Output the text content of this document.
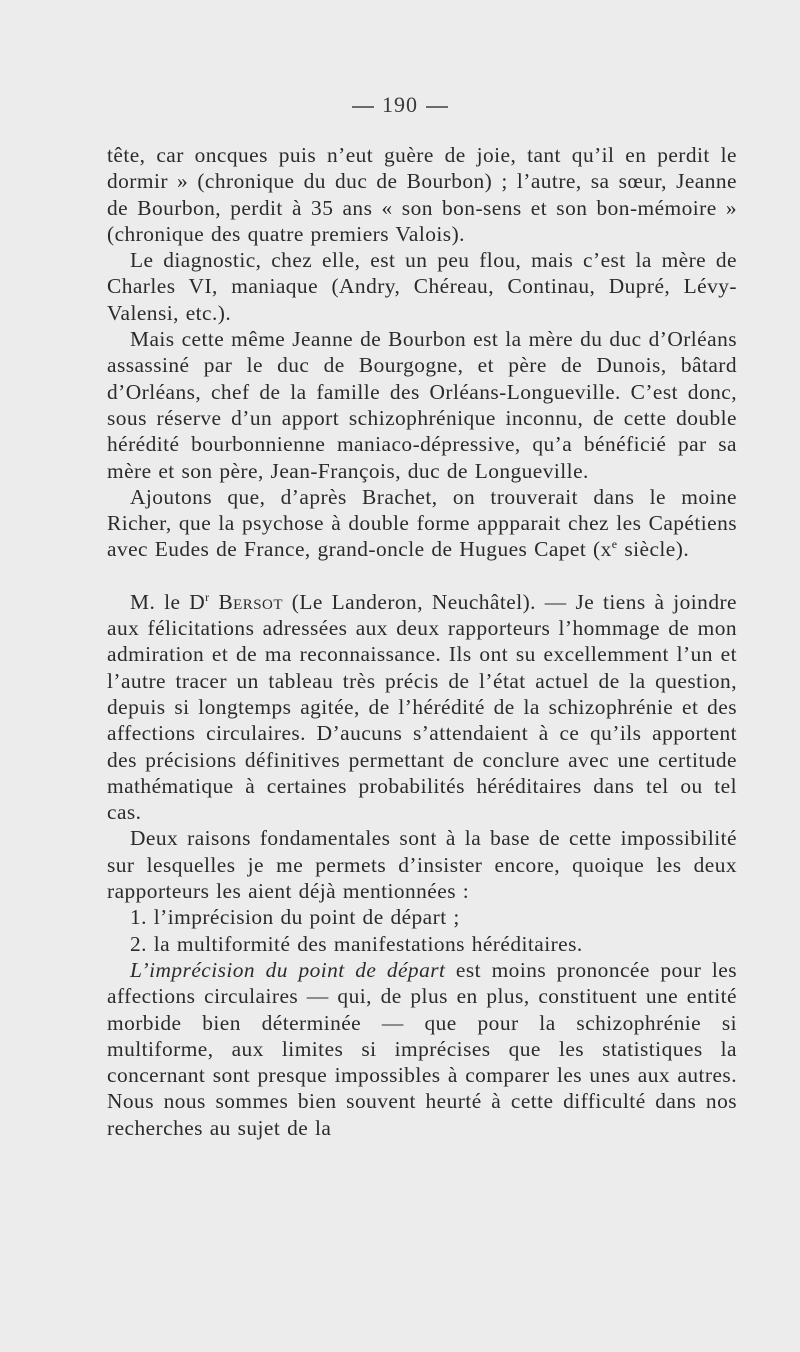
190

tête, car oncques puis n’eut guère de joie, tant qu’il en perdit le dormir » (chronique du duc de Bourbon) ; l’autre, sa sœur, Jeanne de Bourbon, perdit à 35 ans « son bon-sens et son bon-mémoire » (chronique des quatre premiers Valois).

Le diagnostic, chez elle, est un peu flou, mais c’est la mère de Charles VI, maniaque (Andry, Chéreau, Continau, Dupré, Lévy-Valensi, etc.).

Mais cette même Jeanne de Bourbon est la mère du duc d’Orléans assassiné par le duc de Bourgogne, et père de Dunois, bâtard d’Orléans, chef de la famille des Orléans-Longueville. C’est donc, sous réserve d’un apport schizophrénique inconnu, de cette double hérédité bourbonnienne maniaco-dépressive, qu’a bénéficié par sa mère et son père, Jean-François, duc de Longueville.

Ajoutons que, d’après Brachet, on trouverait dans le moine Richer, que la psychose à double forme appparait chez les Capétiens avec Eudes de France, grand-oncle de Hugues Capet ($x^e$ siècle).

M. le $D^r$ Bersot (Le Landeron, Neuchâtel). — Je tiens à joindre aux félicitations adressées aux deux rapporteurs l’hommage de mon admiration et de ma reconnaissance. Ils ont su excellemment l’un et l’autre tracer un tableau très précis de l’état actuel de la question, depuis si longtemps agitée, de l’hérédité de la schizophrénie et des affections circulaires. D’aucuns s’attendaient à ce qu’ils apportent des précisions définitives permettant de conclure avec une certitude mathématique à certaines probabilités héréditaires dans tel ou tel cas.

Deux raisons fondamentales sont à la base de cette impossibilité sur lesquelles je me permets d’insister encore, quoique les deux rapporteurs les aient déjà mentionnées :

1. l’imprécision du point de départ ;

2. la multiformité des manifestations héréditaires.

L’imprécision du point de départ est moins prononcée pour les affections circulaires — qui, de plus en plus, constituent une entité morbide bien déterminée — que pour la schizophrénie si multiforme, aux limites si imprécises que les statistiques la concernant sont presque impossibles à comparer les unes aux autres. Nous nous sommes bien souvent heurté à cette difficulté dans nos recherches au sujet de la
